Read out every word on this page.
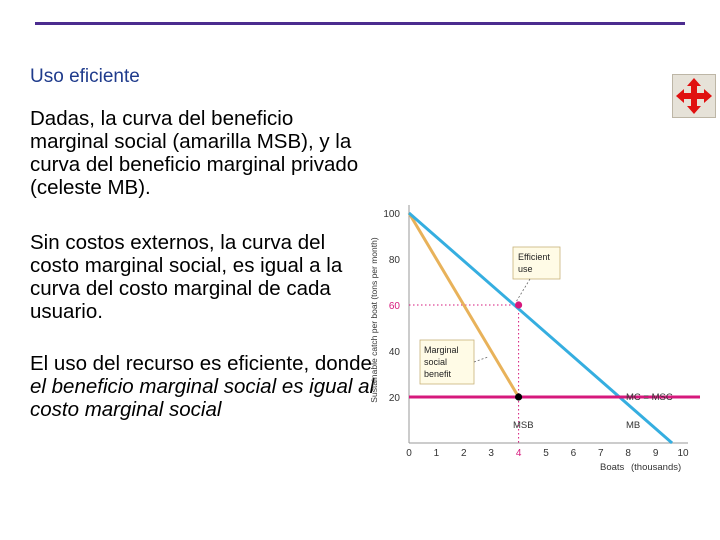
Uso eficiente
Dadas, la curva del beneficio marginal social (amarilla MSB), y la curva del beneficio marginal privado (celeste MB).
Sin costos externos, la curva del costo marginal social, es igual a la curva del costo marginal de cada usuario.
El uso del recurso es eficiente, donde el beneficio marginal social es igual al costo marginal social	20
40
60
80
100
0 1 2 3 4 5 6 7 8 9 10
Boats (thousands)
Sustainable catch per boat (tons per month)	Efficient
use
Marginal
social
benefit
MSB	MB
MC = MSC
